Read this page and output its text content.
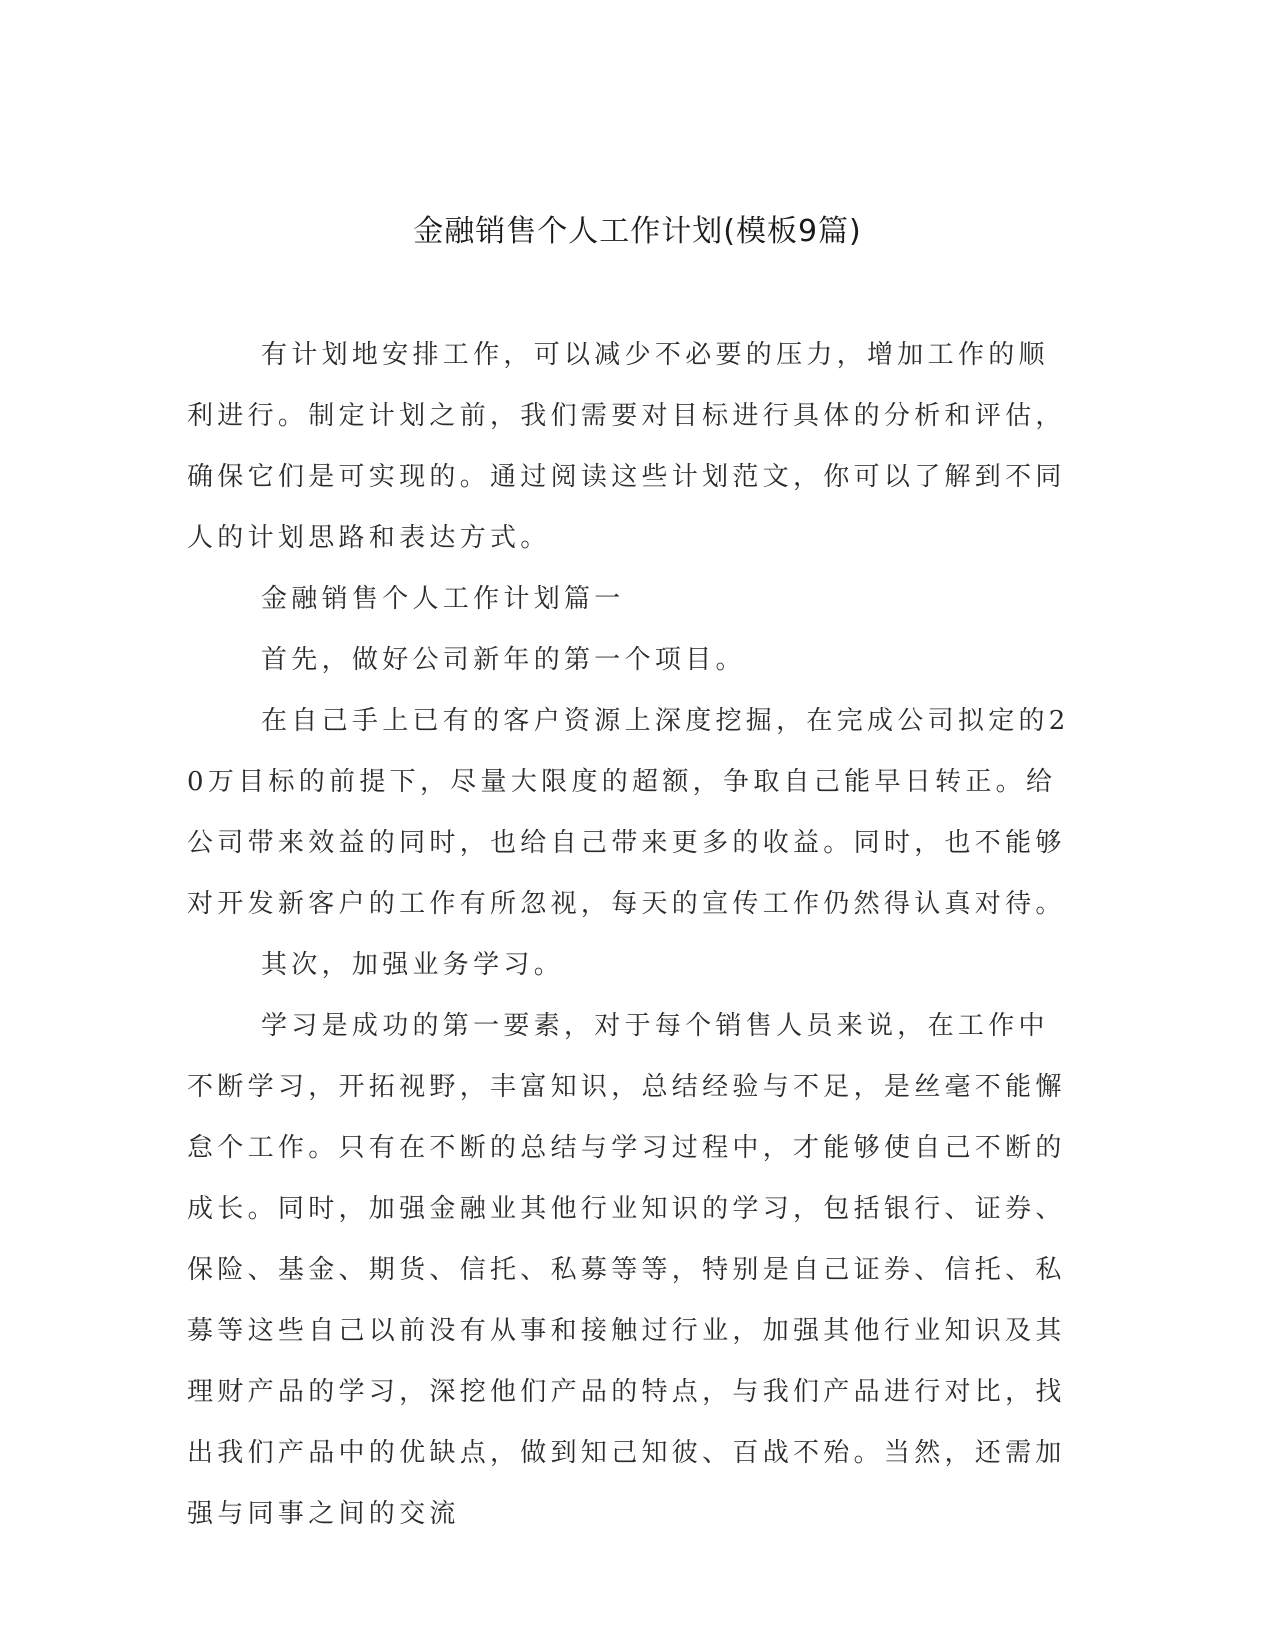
金融销售个人工作计划(模板9篇)

有计划地安排工作，可以减少不必要的压力，增加工作的顺利进行。制定计划之前，我们需要对目标进行具体的分析和评估，确保它们是可实现的。通过阅读这些计划范文，你可以了解到不同人的计划思路和表达方式。

金融销售个人工作计划篇一

首先，做好公司新年的第一个项目。

在自己手上已有的客户资源上深度挖掘，在完成公司拟定的20万目标的前提下，尽量大限度的超额，争取自己能早日转正。给公司带来效益的同时，也给自己带来更多的收益。同时，也不能够对开发新客户的工作有所忽视，每天的宣传工作仍然得认真对待。

其次，加强业务学习。

学习是成功的第一要素，对于每个销售人员来说，在工作中不断学习，开拓视野，丰富知识，总结经验与不足，是丝毫不能懈怠个工作。只有在不断的总结与学习过程中，才能够使自己不断的成长。同时，加强金融业其他行业知识的学习，包括银行、证券、保险、基金、期货、信托、私募等等，特别是自己证券、信托、私募等这些自己以前没有从事和接触过行业，加强其他行业知识及其理财产品的学习，深挖他们产品的特点，与我们产品进行对比，找出我们产品中的优缺点，做到知己知彼、百战不殆。当然，还需加强与同事之间的交流
